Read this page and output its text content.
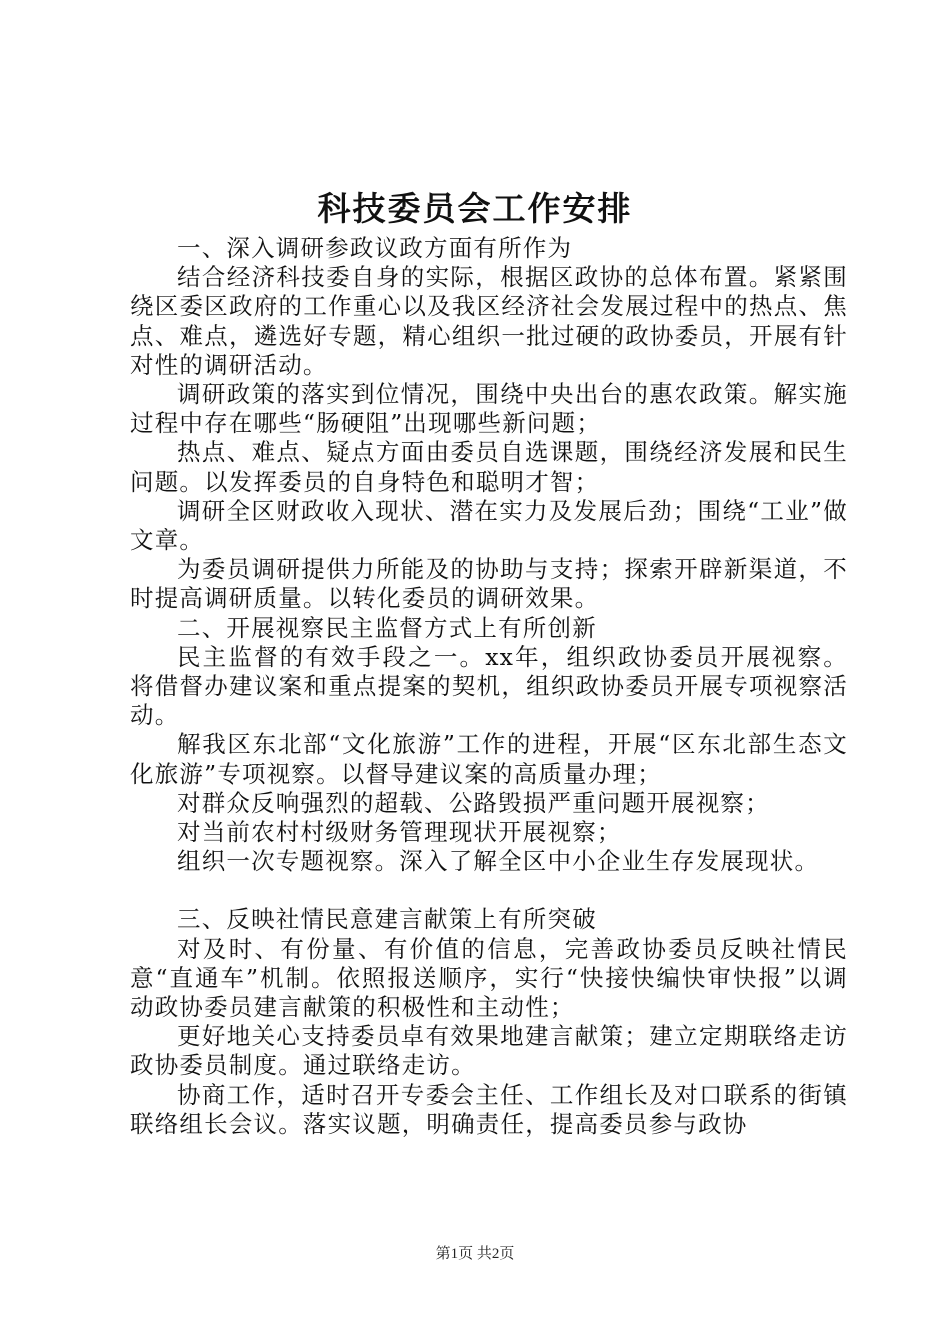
科技委员会工作安排

一、深入调研参政议政方面有所作为

结合经济科技委自身的实际，根据区政协的总体布置。紧紧围绕区委区政府的工作重心以及我区经济社会发展过程中的热点、焦点、难点，遴选好专题，精心组织一批过硬的政协委员，开展有针对性的调研活动。

调研政策的落实到位情况，围绕中央出台的惠农政策。解实施过程中存在哪些“肠硬阻”出现哪些新问题；

热点、难点、疑点方面由委员自选课题，围绕经济发展和民生问题。以发挥委员的自身特色和聪明才智；

调研全区财政收入现状、潜在实力及发展后劲；围绕“工业”做文章。

为委员调研提供力所能及的协助与支持；探索开辟新渠道，不时提高调研质量。以转化委员的调研效果。

二、开展视察民主监督方式上有所创新

民主监督的有效手段之一。xx年，组织政协委员开展视察。将借督办建议案和重点提案的契机，组织政协委员开展专项视察活动。

解我区东北部“文化旅游”工作的进程，开展“区东北部生态文化旅游”专项视察。以督导建议案的高质量办理；

对群众反响强烈的超载、公路毁损严重问题开展视察；

对当前农村村级财务管理现状开展视察；

组织一次专题视察。深入了解全区中小企业生存发展现状。

三、反映社情民意建言献策上有所突破

对及时、有份量、有价值的信息，完善政协委员反映社情民意“直通车”机制。依照报送顺序，实行“快接快编快审快报”以调动政协委员建言献策的积极性和主动性；

更好地关心支持委员卓有效果地建言献策；建立定期联络走访政协委员制度。通过联络走访。

协商工作，适时召开专委会主任、工作组长及对口联系的街镇联络组长会议。落实议题，明确责任，提高委员参与政协

第1页 共2页
